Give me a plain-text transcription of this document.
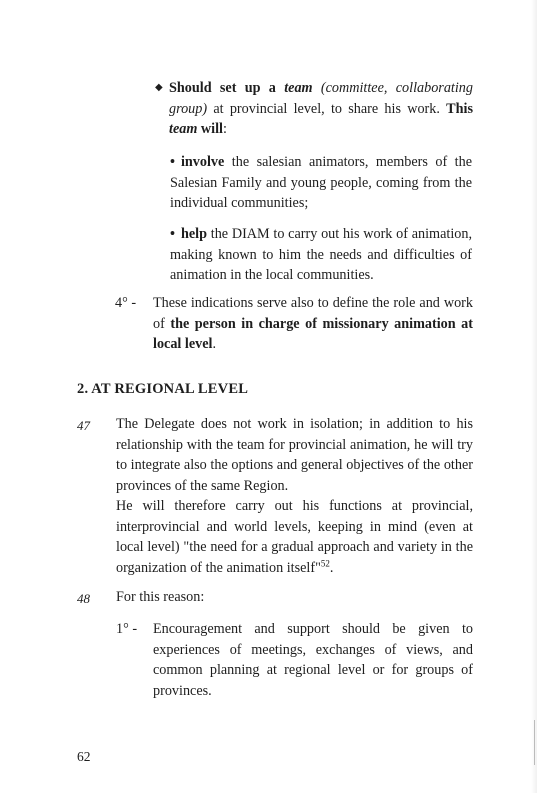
◆ Should set up a team (committee, collaborating group) at provincial level, to share his work. This team will:

• involve the salesian animators, members of the Salesian Family and young people, coming from the individual communities;

• help the DIAM to carry out his work of animation, making known to him the needs and difficulties of animation in the local communities.

4° - These indications serve also to define the role and work of the person in charge of missionary animation at local level.

2. AT REGIONAL LEVEL
47 The Delegate does not work in isolation; in addition to his relationship with the team for provincial animation, he will try to integrate also the options and general objectives of the other provinces of the same Region.

He will therefore carry out his functions at provincial, interprovincial and world levels, keeping in mind (even at local level) "the need for a gradual approach and variety in the organization of the animation itself"$^{52}$.

48 For this reason:
1° - Encouragement and support should be given to experiences of meetings, exchanges of views, and common planning at regional level or for groups of provinces.

62
